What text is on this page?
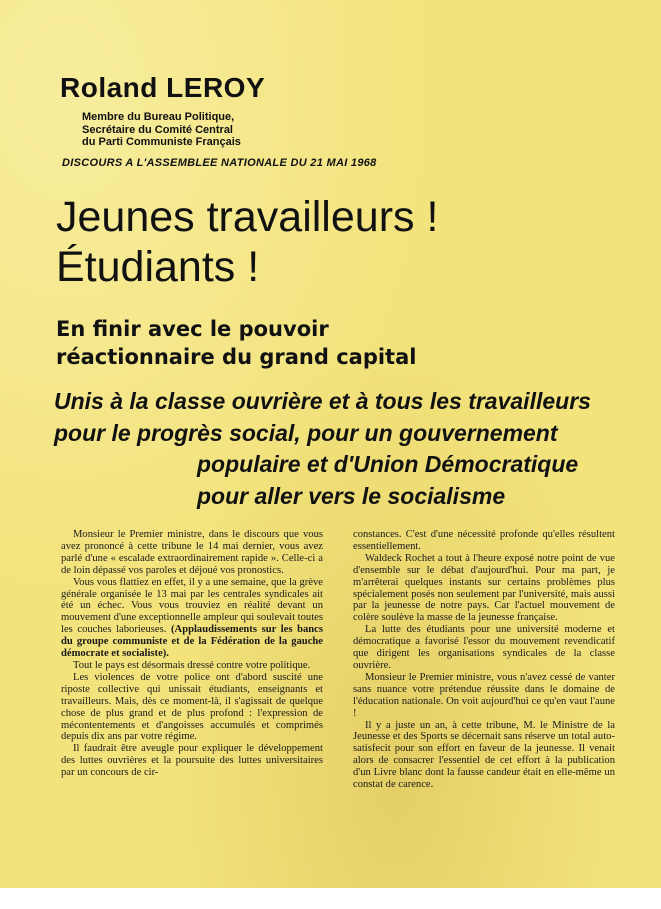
Roland LEROY
Membre du Bureau Politique,
Secrétaire du Comité Central
du Parti Communiste Français
DISCOURS A L'ASSEMBLEE NATIONALE DU 21 MAI 1968
Jeunes travailleurs !
Étudiants !
En finir avec le pouvoir
réactionnaire du grand capital
Unis à la classe ouvrière et à tous les travailleurs
pour le progrès social, pour un gouvernement
populaire et d'Union Démocratique
pour aller vers le socialisme

Monsieur le Premier ministre, dans le discours que vous avez prononcé à cette tribune le 14 mai dernier, vous avez parlé d'une « escalade extraordinairement rapide ». Celle-ci a de loin dépassé vos paroles et déjoué vos pronostics.

Vous vous flattiez en effet, il y a une semaine, que la grève générale organisée le 13 mai par les centrales syndicales ait été un échec. Vous vous trouviez en réalité devant un mouvement d'une exceptionnelle ampleur qui soulevait toutes les couches laborieuses. (Applaudissements sur les bancs du groupe communiste et de la Fédération de la gauche démocrate et socialiste).

Tout le pays est désormais dressé contre votre politique.

Les violences de votre police ont d'abord suscité une riposte collective qui unissait étudiants, enseignants et travailleurs. Mais, dès ce moment-là, il s'agissait de quelque chose de plus grand et de plus profond : l'expression de mécontentements et d'angoisses accumulés et comprimés depuis dix ans par votre régime.

Il faudrait être aveugle pour expliquer le développement des luttes ouvrières et la poursuite des luttes universitaires par un concours de cir-

constances. C'est d'une nécessité profonde qu'elles résultent essentiellement.

Waldeck Rochet a tout à l'heure exposé notre point de vue d'ensemble sur le débat d'aujourd'hui. Pour ma part, je m'arrêterai quelques instants sur certains problèmes plus spécialement posés non seulement par l'université, mais aussi par la jeunesse de notre pays. Car l'actuel mouvement de colère soulève la masse de la jeunesse française.

La lutte des étudiants pour une université moderne et démocratique a favorisé l'essor du mouvement revendicatif que dirigent les organisations syndicales de la classe ouvrière.

Monsieur le Premier ministre, vous n'avez cessé de vanter sans nuance votre prétendue réussite dans le domaine de l'éducation nationale. On voit aujourd'hui ce qu'en vaut l'aune !

Il y a juste un an, à cette tribune, M. le Ministre de la Jeunesse et des Sports se décernait sans réserve un total auto-satisfecit pour son effort en faveur de la jeunesse. Il venait alors de consacrer l'essentiel de cet effort à la publication d'un Livre blanc dont la fausse candeur était en elle-même un constat de carence.
